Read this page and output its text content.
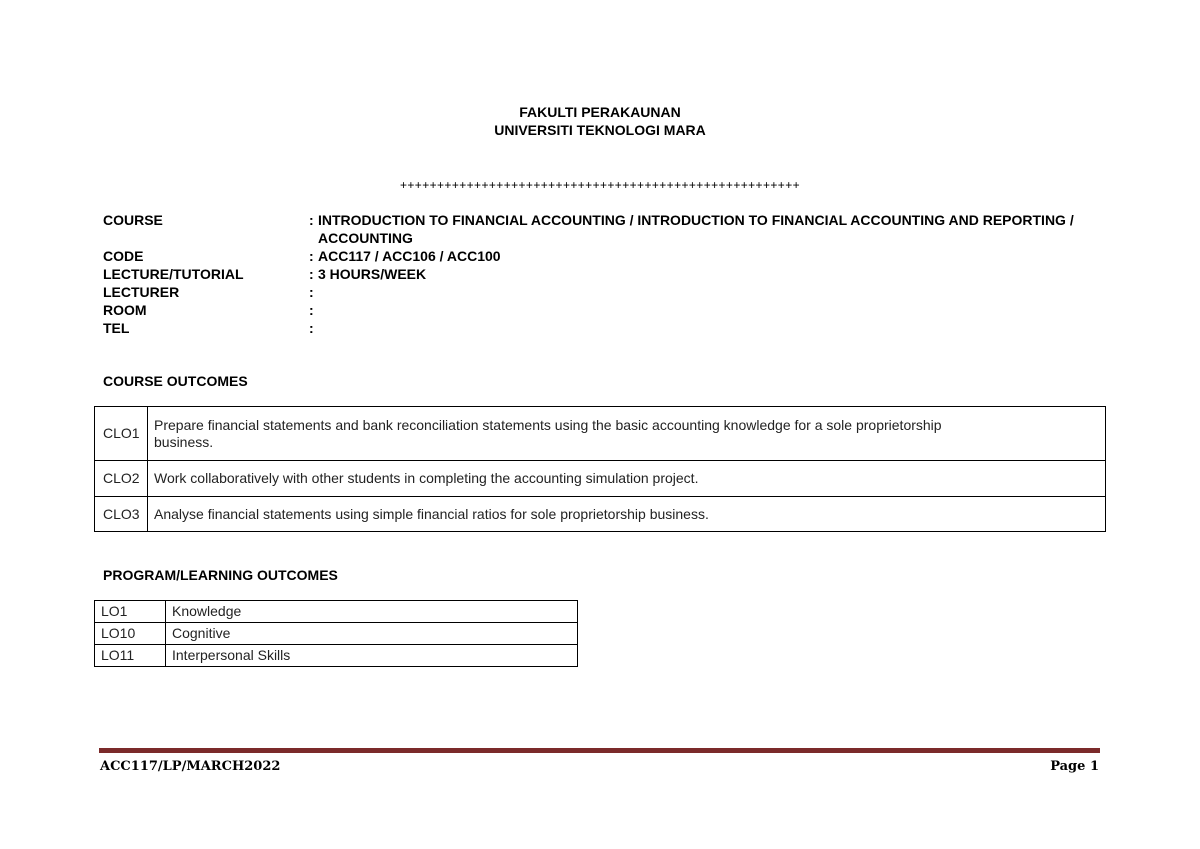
FAKULTI PERAKAUNAN
UNIVERSITI TEKNOLOGI MARA
++++++++++++++++++++++++++++++++++++++++++++++++++++++
COURSE	: INTRODUCTION TO FINANCIAL ACCOUNTING / INTRODUCTION TO FINANCIAL ACCOUNTING AND REPORTING / ACCOUNTING
CODE	: ACC117 / ACC106 / ACC100
LECTURE/TUTORIAL	: 3 HOURS/WEEK
LECTURER	:
ROOM	:
TEL	:
COURSE OUTCOMES
CLO1	Prepare financial statements and bank reconciliation statements using the basic accounting knowledge for a sole proprietorship business.

CLO2	Work collaboratively with other students in completing the accounting simulation project.
CLO3	Analyse financial statements using simple financial ratios for sole proprietorship business.
PROGRAM/LEARNING OUTCOMES
LO1	Knowledge
LO10	Cognitive
LO11	Interpersonal Skills
ACC117/LP/MARCH2022	Page 1
